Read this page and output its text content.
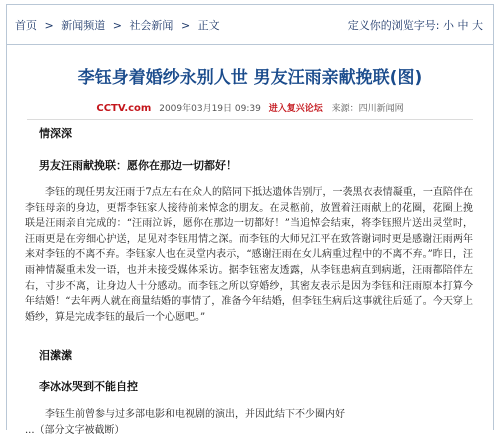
首页 > 新闻频道 > 社会新闻 > 正文	定义你的浏览字号: 小 中 大
李钰身着婚纱永别人世 男友汪雨亲献挽联(图)
CCTV.com 2009年03月19日 09:39 进入复兴论坛 来源：四川新闻网
情深深
男友汪雨献挽联：愿你在那边一切都好！
李钰的现任男友汪雨于7点左右在众人的陪同下抵达遗体告别厅，一袭黑衣表情凝重，一直陪伴在李钰母亲的身边，更帮李钰家人接待前来悼念的朋友。在灵柩前，放置着汪雨献上的花圈，花圈上挽联是汪雨亲自完成的：“汪雨泣诉，愿你在那边一切都好！”当追悼会结束，将李钰照片送出灵堂时，汪雨更是在旁细心护送，足见对李钰用情之深。而李钰的大师兄江平在致答谢词时更是感谢汪雨两年来对李钰的不离不弃。李钰家人也在灵堂内表示，“感谢汪雨在女儿病重过程中的不离不弃。”昨日，汪雨神情凝重未发一语，也并未接受媒体采访。据李钰密友透露，从李钰患病直到病逝，汪雨都陪伴左右，寸步不离，让身边人十分感动。而李钰之所以穿婚纱，其密友表示是因为李钰和汪雨原本打算今年结婚！“去年两人就在商量结婚的事情了，准备今年结婚，但李钰生病后这事就往后延了。今天穿上婚纱，算是完成李钰的最后一个心愿吧。”
泪潆潆
李冰冰哭到不能自控
李钰生前曾参与过多部电影和电视剧的演出，并因此结下不少圈内好
...（部分文字被截断）
